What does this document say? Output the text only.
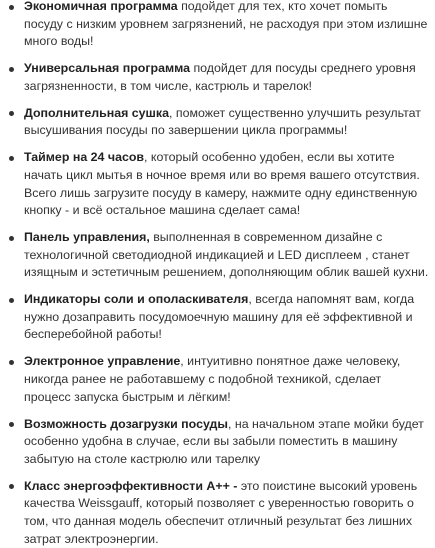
Экономичная программа подойдет для тех, кто хочет помыть посуду с низким уровнем загрязнений, не расходуя при этом излишне много воды!
Универсальная программа подойдет для посуды среднего уровня загрязненности, в том числе, кастрюль и тарелок!
Дополнительная сушка, поможет существенно улучшить результат высушивания посуды по завершении цикла программы!
Таймер на 24 часов, который особенно удобен, если вы хотите начать цикл мытья в ночное время или во время вашего отсутствия. Всего лишь загрузите посуду в камеру, нажмите одну единственную кнопку - и всё остальное машина сделает сама!
Панель управления, выполненная в современном дизайне с технологичной светодиодной индикацией и LED дисплеем , станет изящным и эстетичным решением, дополняющим облик вашей кухни.
Индикаторы соли и ополаскивателя, всегда напомнят вам, когда нужно дозаправить посудомоечную машину для её эффективной и бесперебойной работы!
Электронное управление, интуитивно понятное даже человеку, никогда ранее не работавшему с подобной техникой, сделает процесс запуска быстрым и лёгким!
Возможность дозагрузки посуды, на начальном этапе мойки будет особенно удобна в случае, если вы забыли поместить в машину забытую на столе кастрюлю или тарелку
Класс энергоэффективности А++ - это поистине высокий уровень качества Weissgauff, который позволяет с уверенностью говорить о том, что данная модель обеспечит отличный результат без лишних затрат электроэнергии.
